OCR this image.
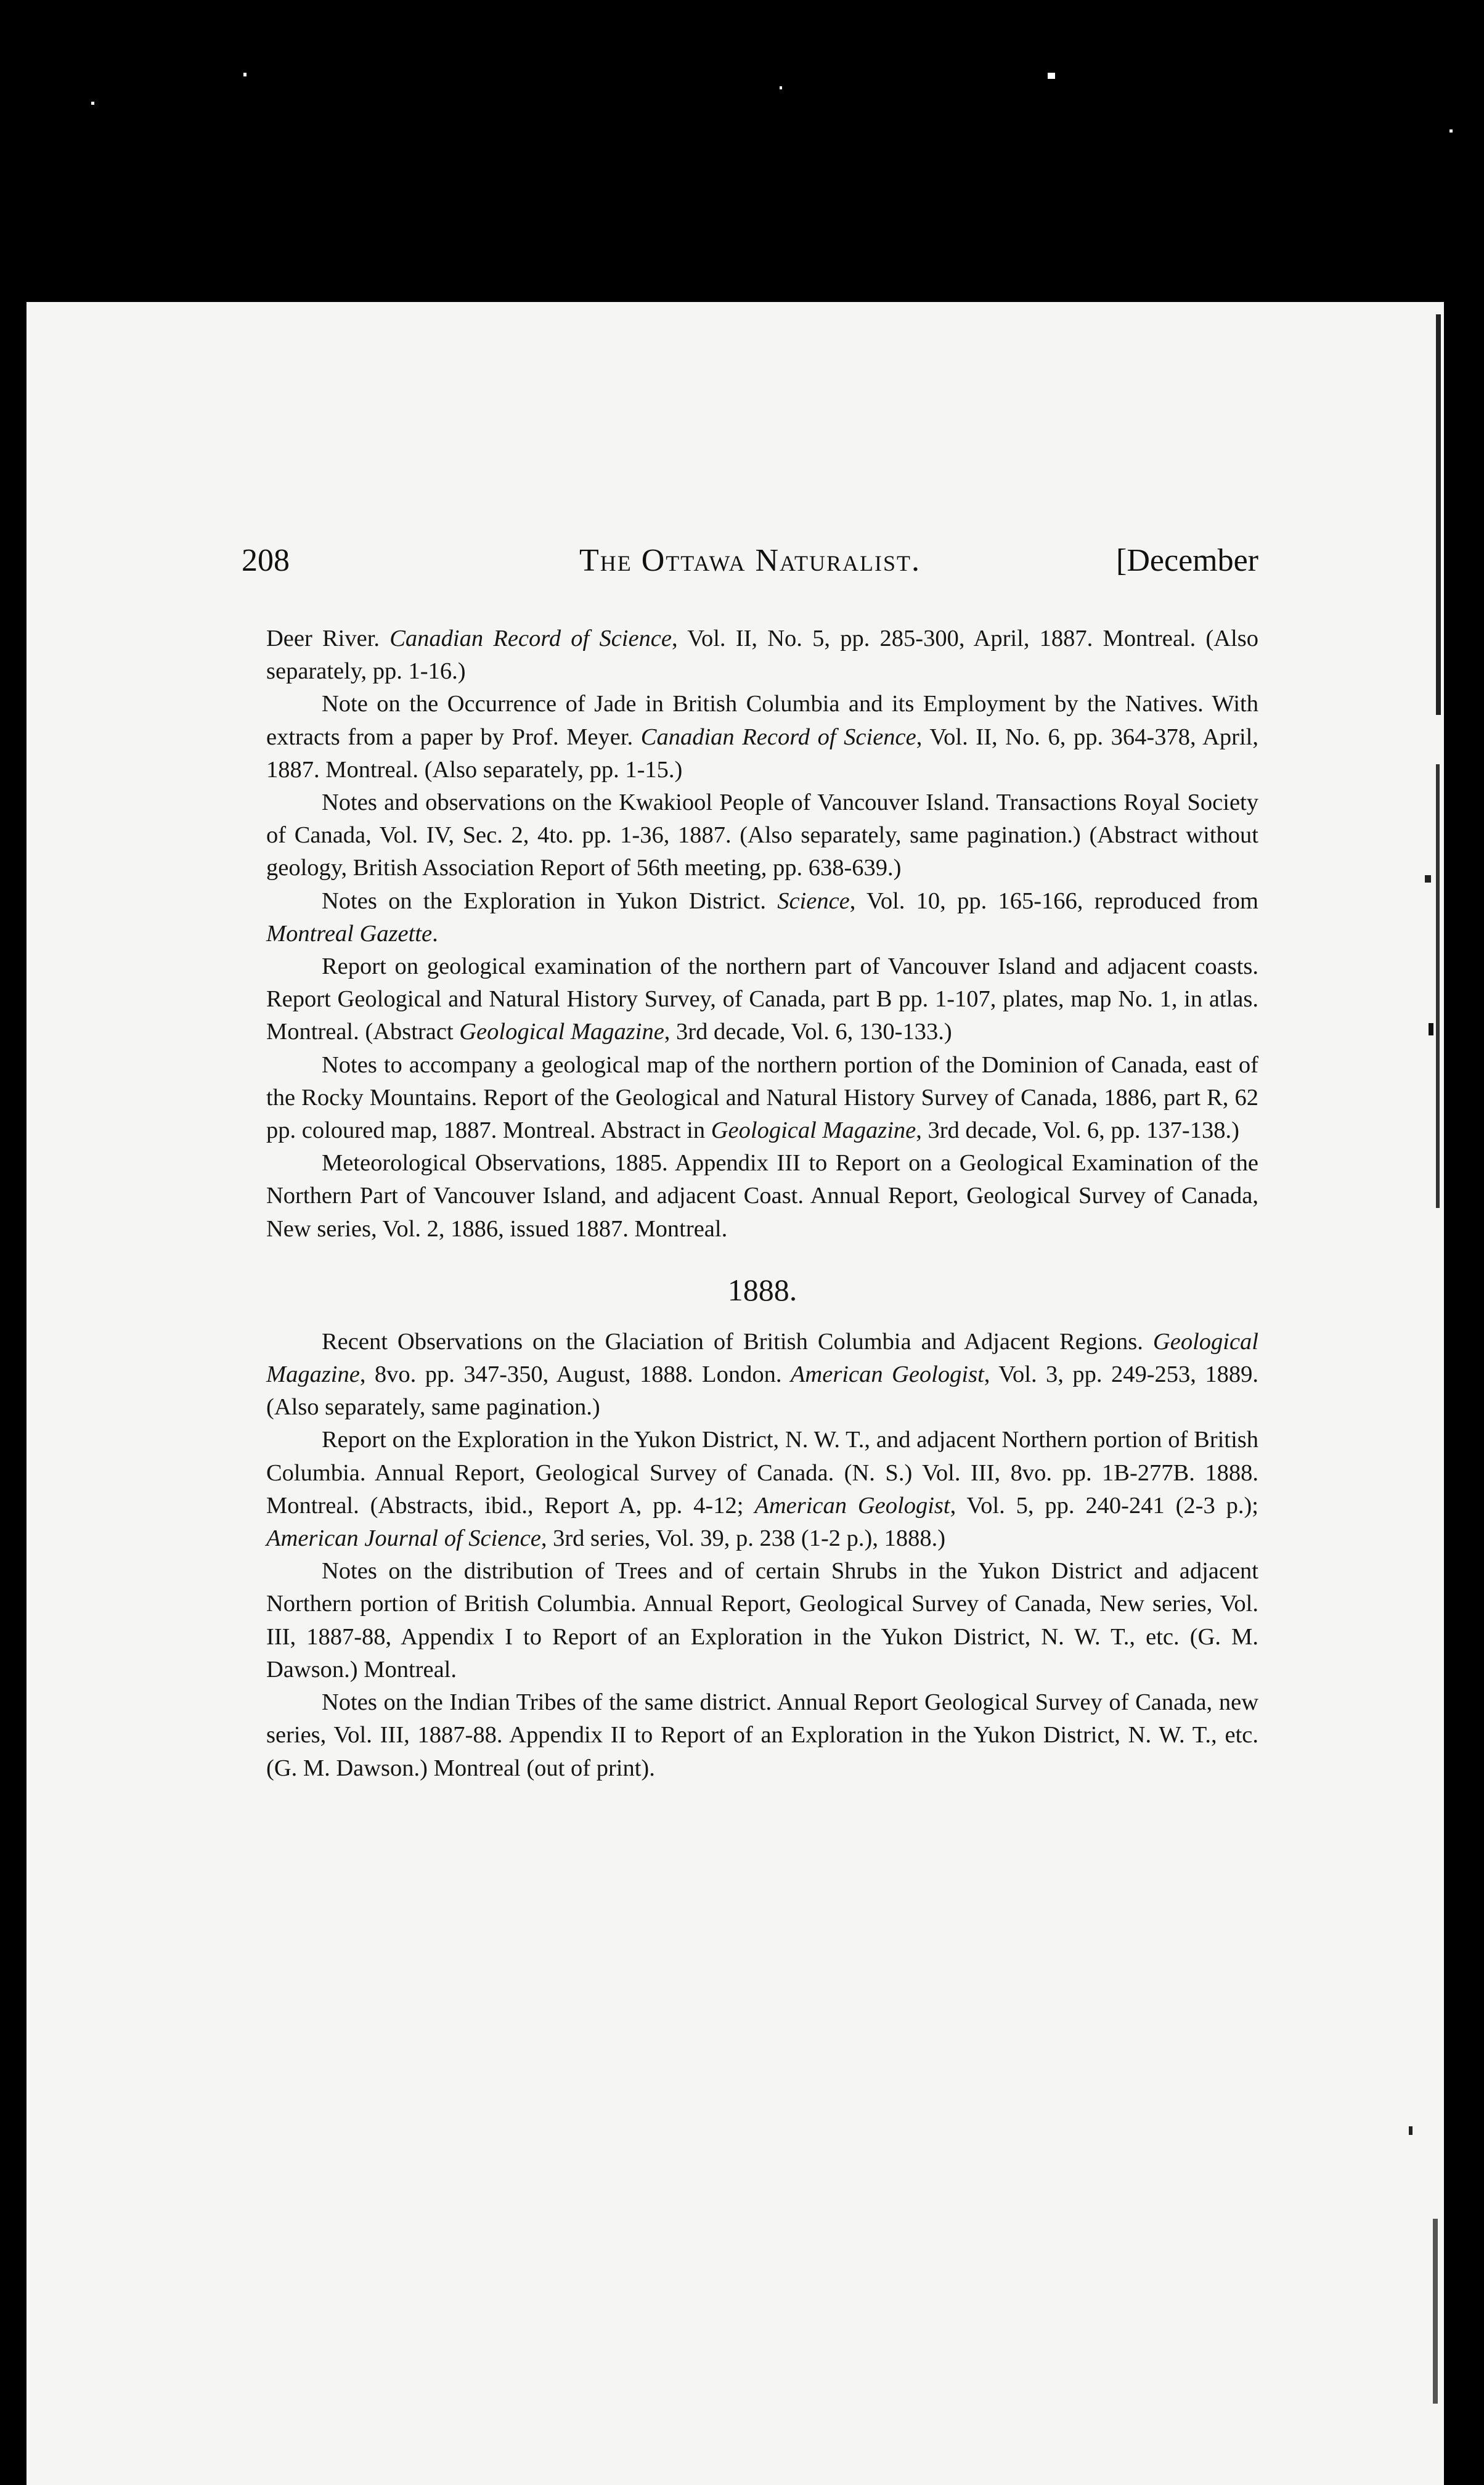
208	The Ottawa Naturalist.	[December

Deer River. Canadian Record of Science, Vol. II, No. 5, pp. 285-300, April, 1887. Montreal. (Also separately, pp. 1-16.)

Note on the Occurrence of Jade in British Columbia and its Employment by the Natives. With extracts from a paper by Prof. Meyer. Canadian Record of Science, Vol. II, No. 6, pp. 364-378, April, 1887. Montreal. (Also separately, pp. 1-15.)

Notes and observations on the Kwakiool People of Vancouver Island. Transactions Royal Society of Canada, Vol. IV, Sec. 2, 4to. pp. 1-36, 1887. (Also separately, same pagination.) (Abstract without geology, British Association Report of 56th meeting, pp. 638-639.)

Notes on the Exploration in Yukon District. Science, Vol. 10, pp. 165-166, reproduced from Montreal Gazette.

Report on geological examination of the northern part of Vancouver Island and adjacent coasts. Report Geological and Natural History Survey, of Canada, part B pp. 1-107, plates, map No. 1, in atlas. Montreal. (Abstract Geological Magazine, 3rd decade, Vol. 6, 130-133.)

Notes to accompany a geological map of the northern portion of the Dominion of Canada, east of the Rocky Mountains. Report of the Geological and Natural History Survey of Canada, 1886, part R, 62 pp. coloured map, 1887. Montreal. Abstract in Geological Magazine, 3rd decade, Vol. 6, pp. 137-138.)

Meteorological Observations, 1885. Appendix III to Report on a Geological Examination of the Northern Part of Vancouver Island, and adjacent Coast. Annual Report, Geological Survey of Canada, New series, Vol. 2, 1886, issued 1887. Montreal.

1888.

Recent Observations on the Glaciation of British Columbia and Adjacent Regions. Geological Magazine, 8vo. pp. 347-350, August, 1888. London. American Geologist, Vol. 3, pp. 249-253, 1889. (Also separately, same pagination.)

Report on the Exploration in the Yukon District, N. W. T., and adjacent Northern portion of British Columbia. Annual Report, Geological Survey of Canada. (N. S.) Vol. III, 8vo. pp. 1B-277B. 1888. Montreal. (Abstracts, ibid., Report A, pp. 4-12; American Geologist, Vol. 5, pp. 240-241 (2-3 p.); American Journal of Science, 3rd series, Vol. 39, p. 238 (1-2 p.), 1888.)

Notes on the distribution of Trees and of certain Shrubs in the Yukon District and adjacent Northern portion of British Columbia. Annual Report, Geological Survey of Canada, New series, Vol. III, 1887-88, Appendix I to Report of an Exploration in the Yukon District, N. W. T., etc. (G. M. Dawson.) Montreal.

Notes on the Indian Tribes of the same district. Annual Report Geological Survey of Canada, new series, Vol. III, 1887-88. Appendix II to Report of an Exploration in the Yukon District, N. W. T., etc. (G. M. Dawson.) Montreal (out of print).
